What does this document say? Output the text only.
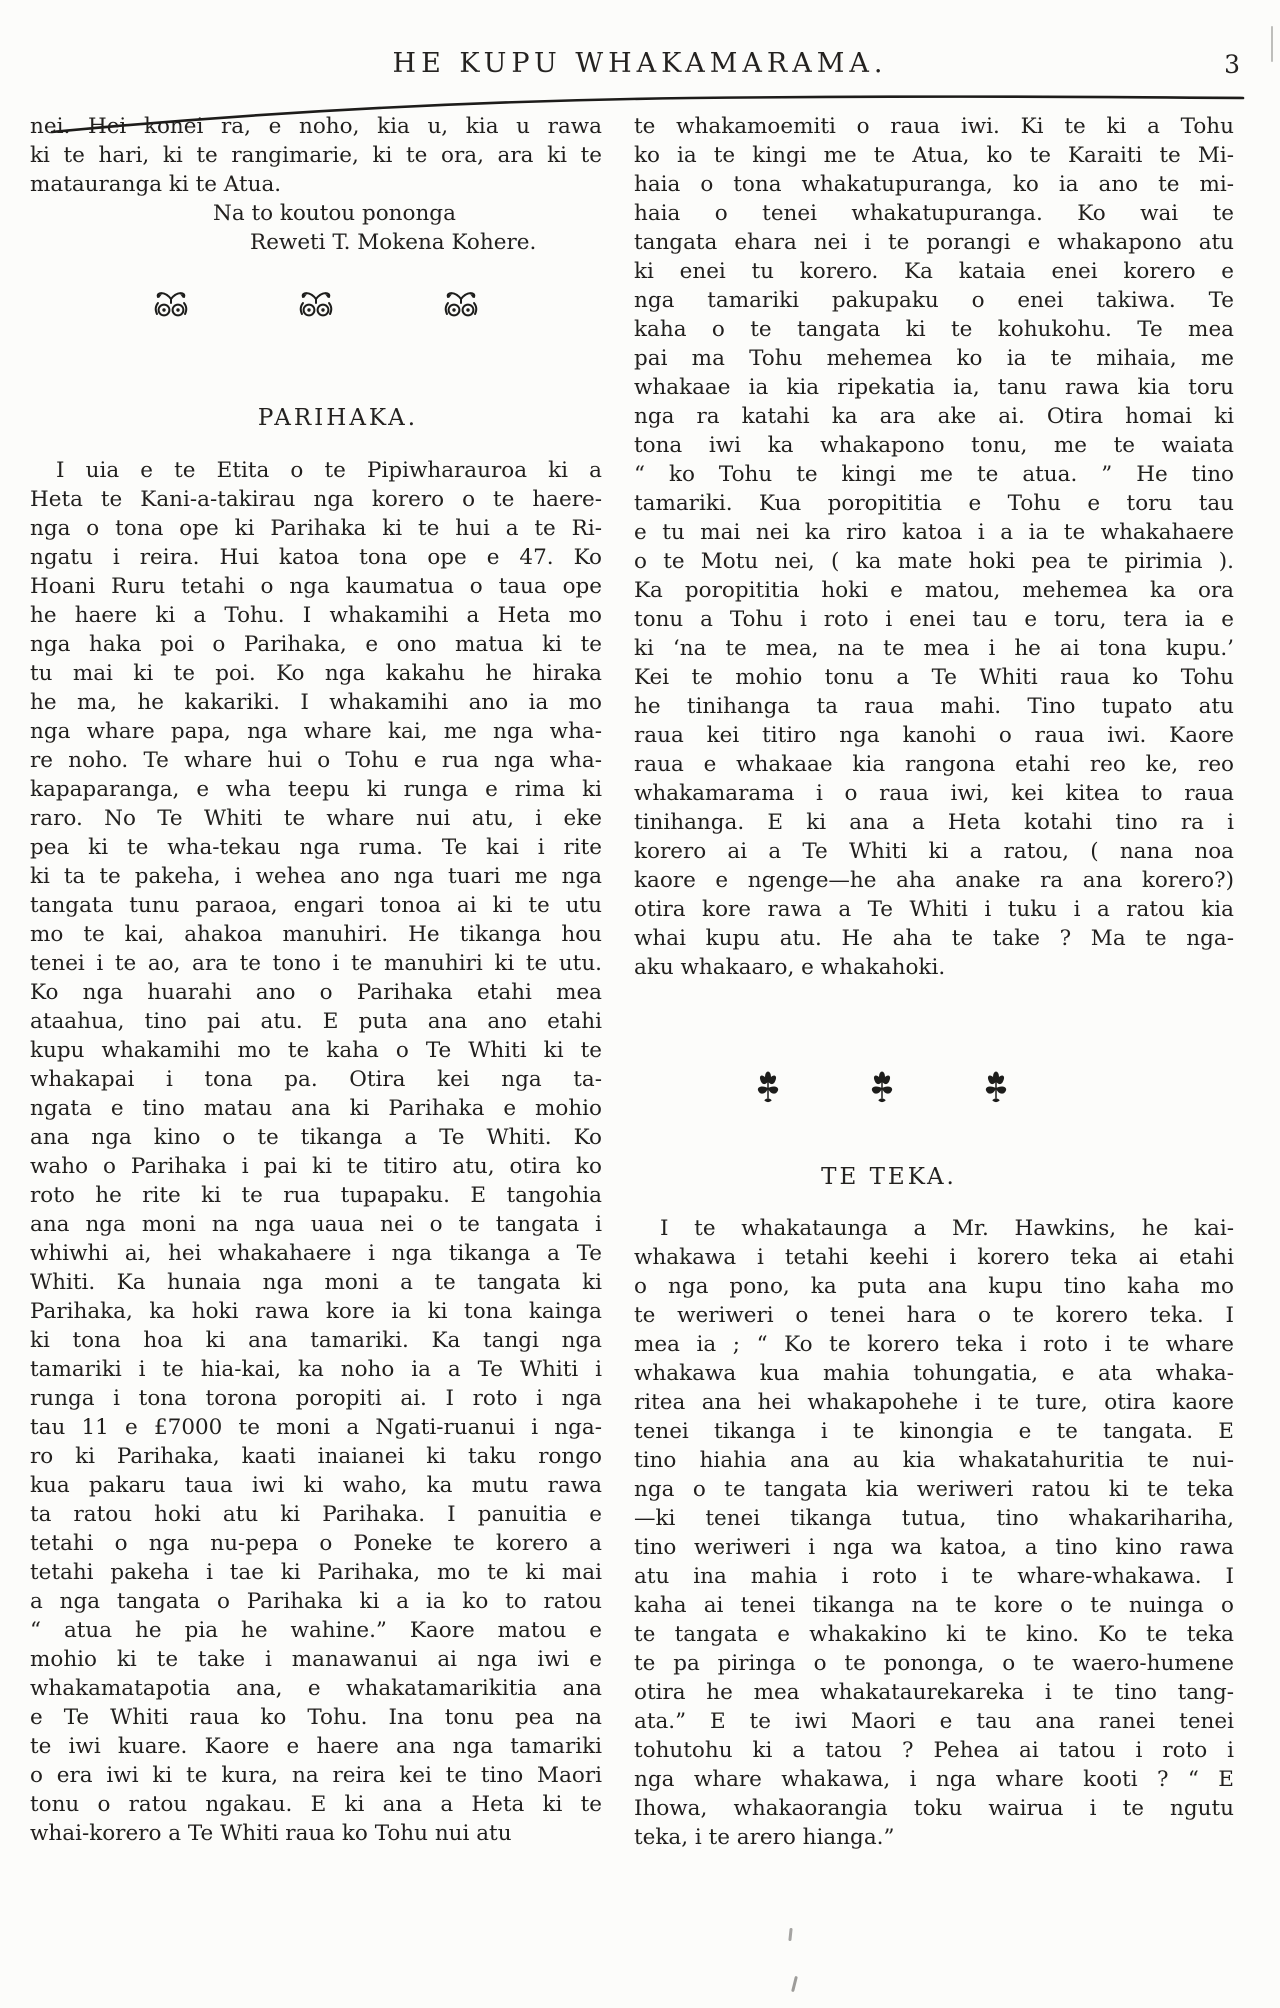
HE KUPU WHAKAMARAMA.	3
nei. Hei konei ra, e noho, kia u, kia u rawa
ki te hari, ki te rangimarie, ki te ora, ara ki te
matauranga ki te Atua.
Na to koutou pononga
Reweti T. Mokena Kohere.
PARIHAKA.
I uia e te Etita o te Pipiwharauroa ki a
Heta te Kani-a-takirau nga korero o te haere-
nga o tona ope ki Parihaka ki te hui a te Ri-
ngatu i reira. Hui katoa tona ope e 47. Ko
Hoani Ruru tetahi o nga kaumatua o taua ope
he haere ki a Tohu. I whakamihi a Heta mo
nga haka poi o Parihaka, e ono matua ki te
tu mai ki te poi. Ko nga kakahu he hiraka
he ma, he kakariki. I whakamihi ano ia mo
nga whare papa, nga whare kai, me nga wha-
re noho. Te whare hui o Tohu e rua nga wha-
kapaparanga, e wha teepu ki runga e rima ki
raro. No Te Whiti te whare nui atu, i eke
pea ki te wha-tekau nga ruma. Te kai i rite
ki ta te pakeha, i wehea ano nga tuari me nga
tangata tunu paraoa, engari tonoa ai ki te utu
mo te kai, ahakoa manuhiri. He tikanga hou
tenei i te ao, ara te tono i te manuhiri ki te utu.
Ko nga huarahi ano o Parihaka etahi mea
ataahua, tino pai atu. E puta ana ano etahi
kupu whakamihi mo te kaha o Te Whiti ki te
whakapai i tona pa. Otira kei nga ta-
ngata e tino matau ana ki Parihaka e mohio
ana nga kino o te tikanga a Te Whiti. Ko
waho o Parihaka i pai ki te titiro atu, otira ko
roto he rite ki te rua tupapaku. E tangohia
ana nga moni na nga uaua nei o te tangata i
whiwhi ai, hei whakahaere i nga tikanga a Te
Whiti. Ka hunaia nga moni a te tangata ki
Parihaka, ka hoki rawa kore ia ki tona kainga
ki tona hoa ki ana tamariki. Ka tangi nga
tamariki i te hia-kai, ka noho ia a Te Whiti i
runga i tona torona poropiti ai. I roto i nga
tau 11 e £7000 te moni a Ngati-ruanui i nga-
ro ki Parihaka, kaati inaianei ki taku rongo
kua pakaru taua iwi ki waho, ka mutu rawa
ta ratou hoki atu ki Parihaka. I panuitia e
tetahi o nga nu-pepa o Poneke te korero a
tetahi pakeha i tae ki Parihaka, mo te ki mai
a nga tangata o Parihaka ki a ia ko to ratou
“ atua he pia he wahine.” Kaore matou e
mohio ki te take i manawanui ai nga iwi e
whakamatapotia ana, e whakatamarikitia ana
e Te Whiti raua ko Tohu. Ina tonu pea na
te iwi kuare. Kaore e haere ana nga tamariki
o era iwi ki te kura, na reira kei te tino Maori
tonu o ratou ngakau. E ki ana a Heta ki te
whai-korero a Te Whiti raua ko Tohu nui atu
te whakamoemiti o raua iwi. Ki te ki a Tohu
ko ia te kingi me te Atua, ko te Karaiti te Mi-
haia o tona whakatupuranga, ko ia ano te mi-
haia o tenei whakatupuranga. Ko wai te
tangata ehara nei i te porangi e whakapono atu
ki enei tu korero. Ka kataia enei korero e
nga tamariki pakupaku o enei takiwa. Te
kaha o te tangata ki te kohukohu. Te mea
pai ma Tohu mehemea ko ia te mihaia, me
whakaae ia kia ripekatia ia, tanu rawa kia toru
nga ra katahi ka ara ake ai. Otira homai ki
tona iwi ka whakapono tonu, me te waiata
“ ko Tohu te kingi me te atua. ” He tino
tamariki. Kua poropititia e Tohu e toru tau
e tu mai nei ka riro katoa i a ia te whakahaere
o te Motu nei, ( ka mate hoki pea te pirimia ).
Ka poropititia hoki e matou, mehemea ka ora
tonu a Tohu i roto i enei tau e toru, tera ia e
ki ‘na te mea, na te mea i he ai tona kupu.’
Kei te mohio tonu a Te Whiti raua ko Tohu
he tinihanga ta raua mahi. Tino tupato atu
raua kei titiro nga kanohi o raua iwi. Kaore
raua e whakaae kia rangona etahi reo ke, reo
whakamarama i o raua iwi, kei kitea to raua
tinihanga. E ki ana a Heta kotahi tino ra i
korero ai a Te Whiti ki a ratou, ( nana noa
kaore e ngenge—he aha anake ra ana korero?)
otira kore rawa a Te Whiti i tuku i a ratou kia
whai kupu atu. He aha te take ? Ma te nga-
aku whakaaro, e whakahoki.
TE TEKA.
I te whakataunga a Mr. Hawkins, he kai-
whakawa i tetahi keehi i korero teka ai etahi
o nga pono, ka puta ana kupu tino kaha mo
te weriweri o tenei hara o te korero teka. I
mea ia ; “ Ko te korero teka i roto i te whare
whakawa kua mahia tohungatia, e ata whaka-
ritea ana hei whakapohehe i te ture, otira kaore
tenei tikanga i te kinongia e te tangata. E
tino hiahia ana au kia whakatahuritia te nui-
nga o te tangata kia weriweri ratou ki te teka
—ki tenei tikanga tutua, tino whakarihariha,
tino weriweri i nga wa katoa, a tino kino rawa
atu ina mahia i roto i te whare-whakawa. I
kaha ai tenei tikanga na te kore o te nuinga o
te tangata e whakakino ki te kino. Ko te teka
te pa piringa o te pononga, o te waero-humene
otira he mea whakataurekareka i te tino tang-
ata.” E te iwi Maori e tau ana ranei tenei
tohutohu ki a tatou ? Pehea ai tatou i roto i
nga whare whakawa, i nga whare kooti ? “ E
Ihowa, whakaorangia toku wairua i te ngutu
teka, i te arero hianga.”
